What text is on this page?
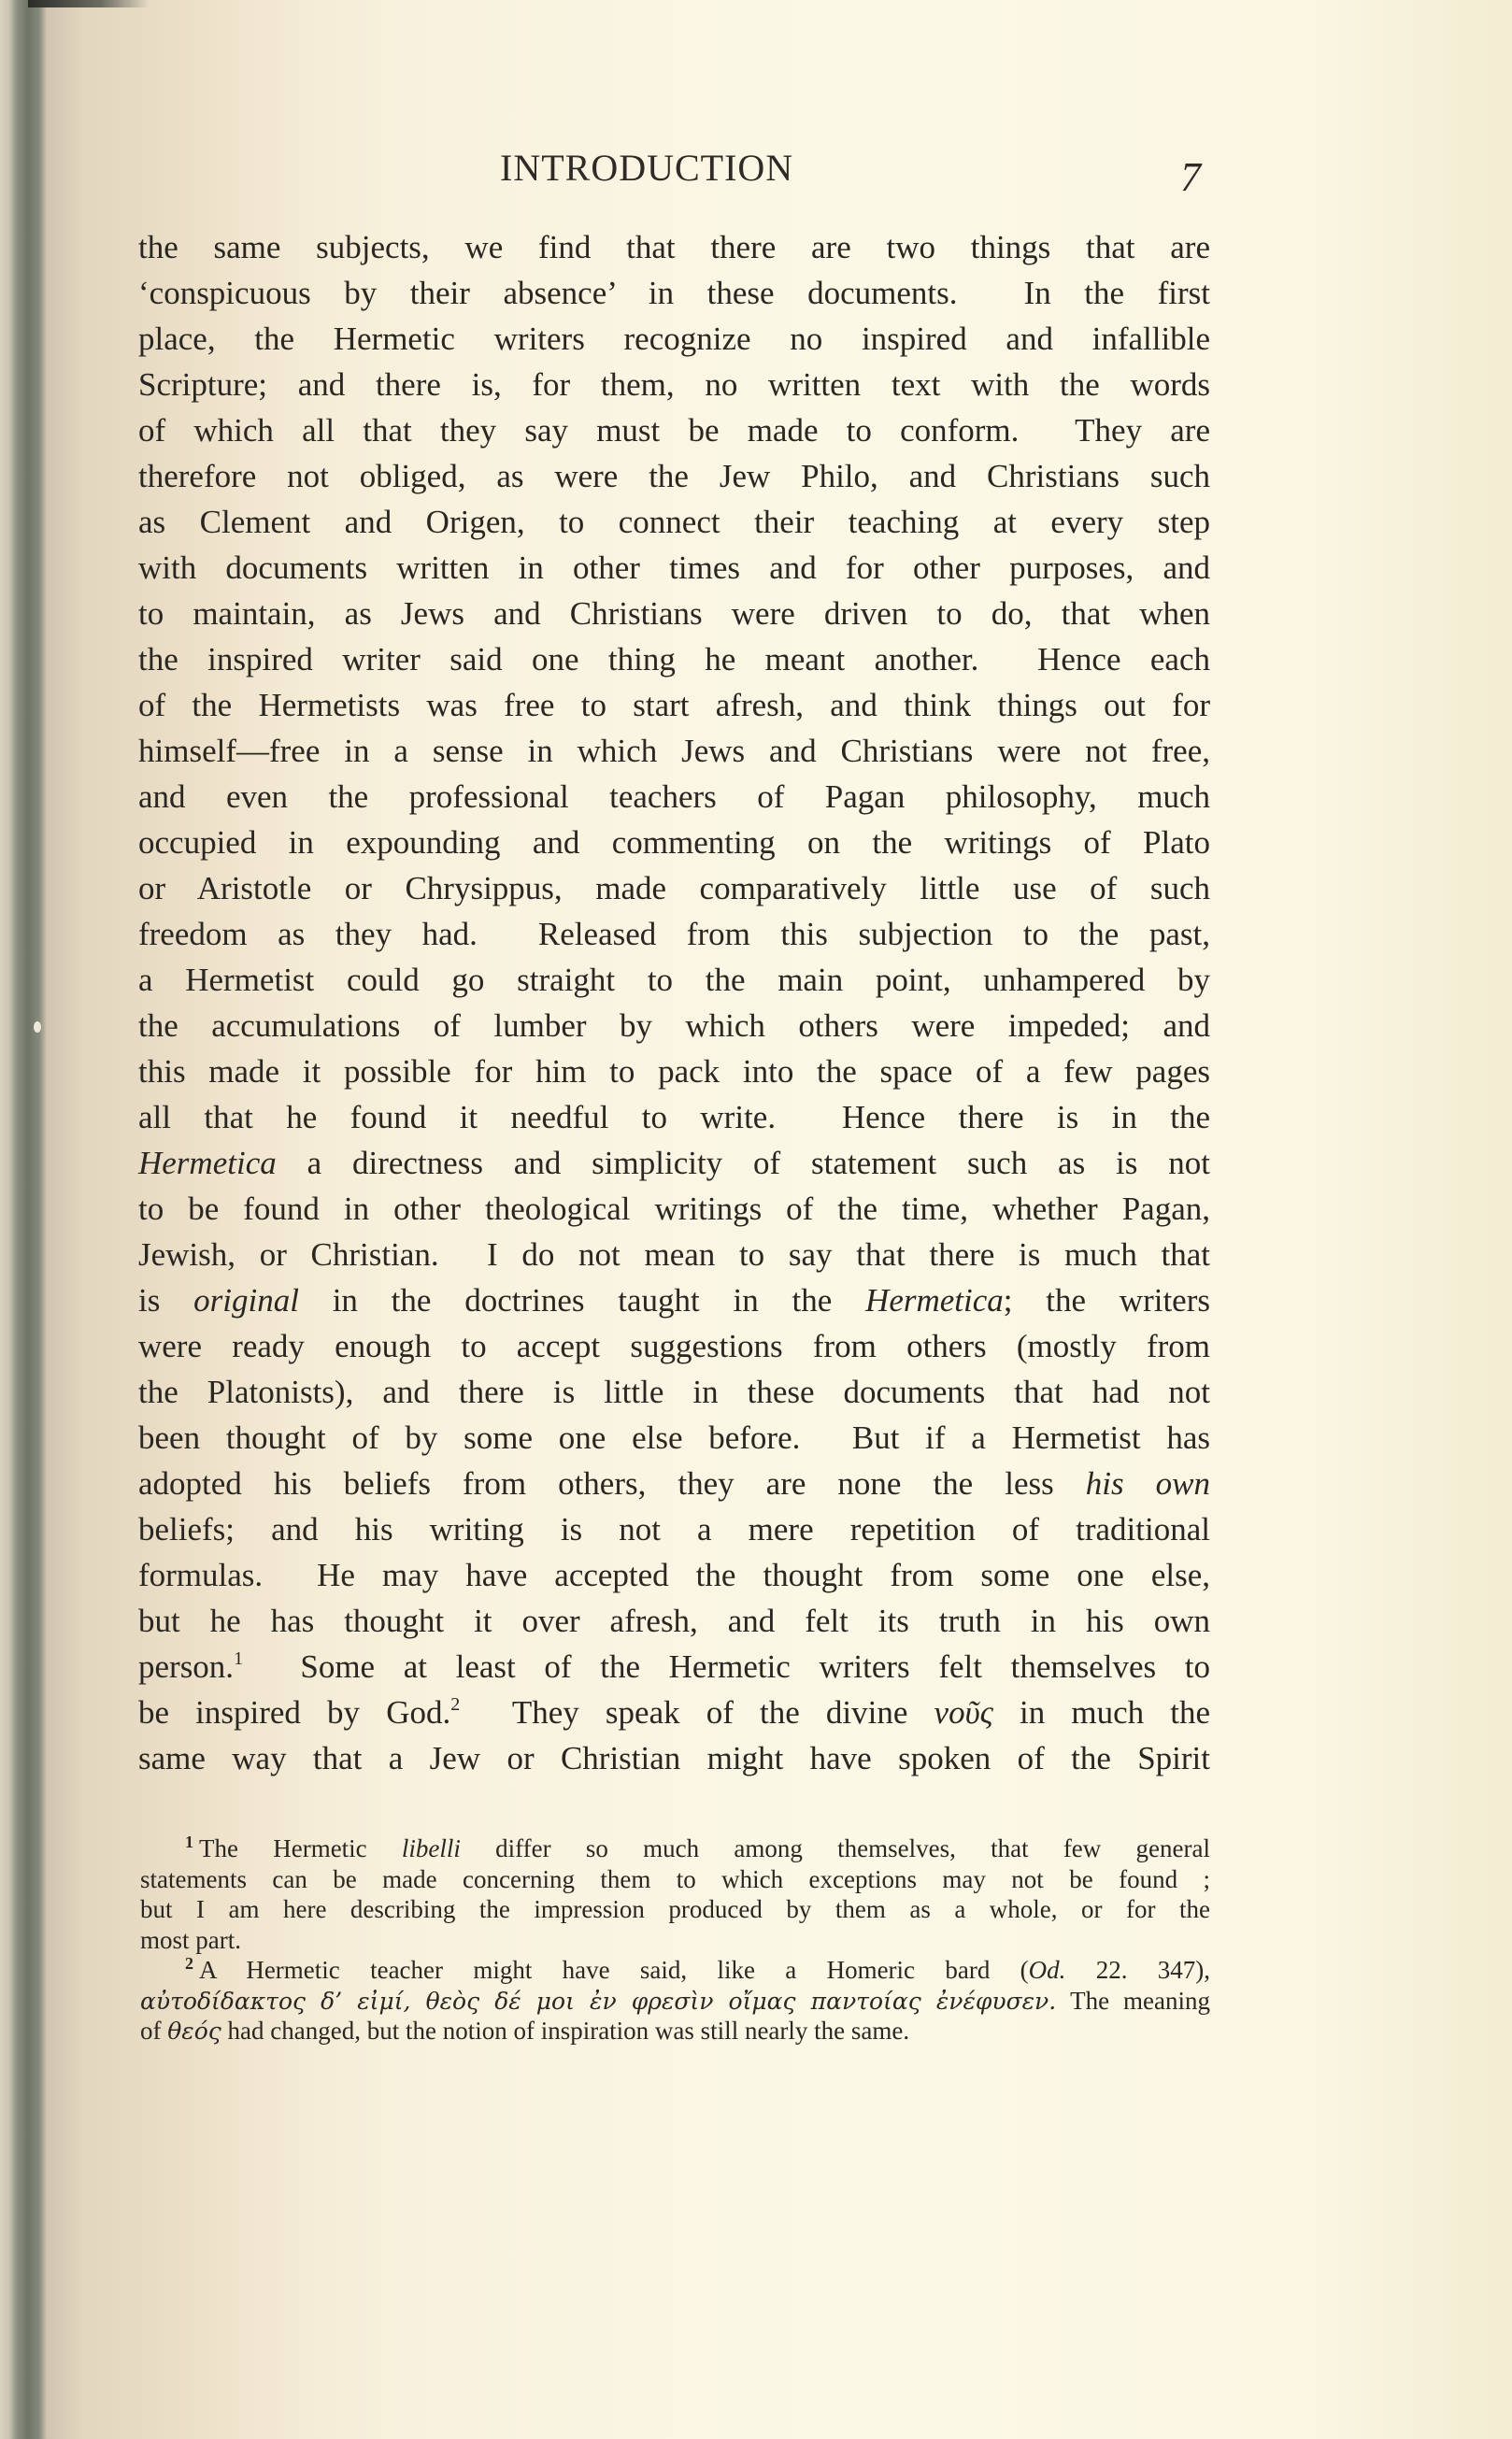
INTRODUCTION	7
the same subjects, we find that there are two things that are
‘conspicuous by their absence’ in these documents.  In the first
place, the Hermetic writers recognize no inspired and infallible
Scripture; and there is, for them, no written text with the words
of which all that they say must be made to conform.  They are
therefore not obliged, as were the Jew Philo, and Christians such
as Clement and Origen, to connect their teaching at every step
with documents written in other times and for other purposes, and
to maintain, as Jews and Christians were driven to do, that when
the inspired writer said one thing he meant another.  Hence each
of the Hermetists was free to start afresh, and think things out for
himself—free in a sense in which Jews and Christians were not free,
and even the professional teachers of Pagan philosophy, much
occupied in expounding and commenting on the writings of Plato
or Aristotle or Chrysippus, made comparatively little use of such
freedom as they had.  Released from this subjection to the past,
a Hermetist could go straight to the main point, unhampered by
the accumulations of lumber by which others were impeded; and
this made it possible for him to pack into the space of a few pages
all that he found it needful to write.  Hence there is in the
Hermetica a directness and simplicity of statement such as is not
to be found in other theological writings of the time, whether Pagan,
Jewish, or Christian.  I do not mean to say that there is much that
is original in the doctrines taught in the Hermetica; the writers
were ready enough to accept suggestions from others (mostly from
the Platonists), and there is little in these documents that had not
been thought of by some one else before.  But if a Hermetist has
adopted his beliefs from others, they are none the less his own
beliefs; and his writing is not a mere repetition of traditional
formulas.  He may have accepted the thought from some one else,
but he has thought it over afresh, and felt its truth in his own
person.$^1$  Some at least of the Hermetic writers felt themselves to
be inspired by God.$^2$  They speak of the divine νoῦς in much the
same way that a Jew or Christian might have spoken of the Spirit
$^1$ The Hermetic libelli differ so much among themselves, that few general
statements can be made concerning them to which exceptions may not be found ;
but I am here describing the impression produced by them as a whole, or for the
most part.
$^2$ A Hermetic teacher might have said, like a Homeric bard (Od. 22. 347),
αὐτοδίδακτος δ’ εἰμί, θεὸς δέ μοι ἐν φρεσὶν οἴμας παντοίας ἐνέφυσεν. The meaning
of θεός had changed, but the notion of inspiration was still nearly the same.
